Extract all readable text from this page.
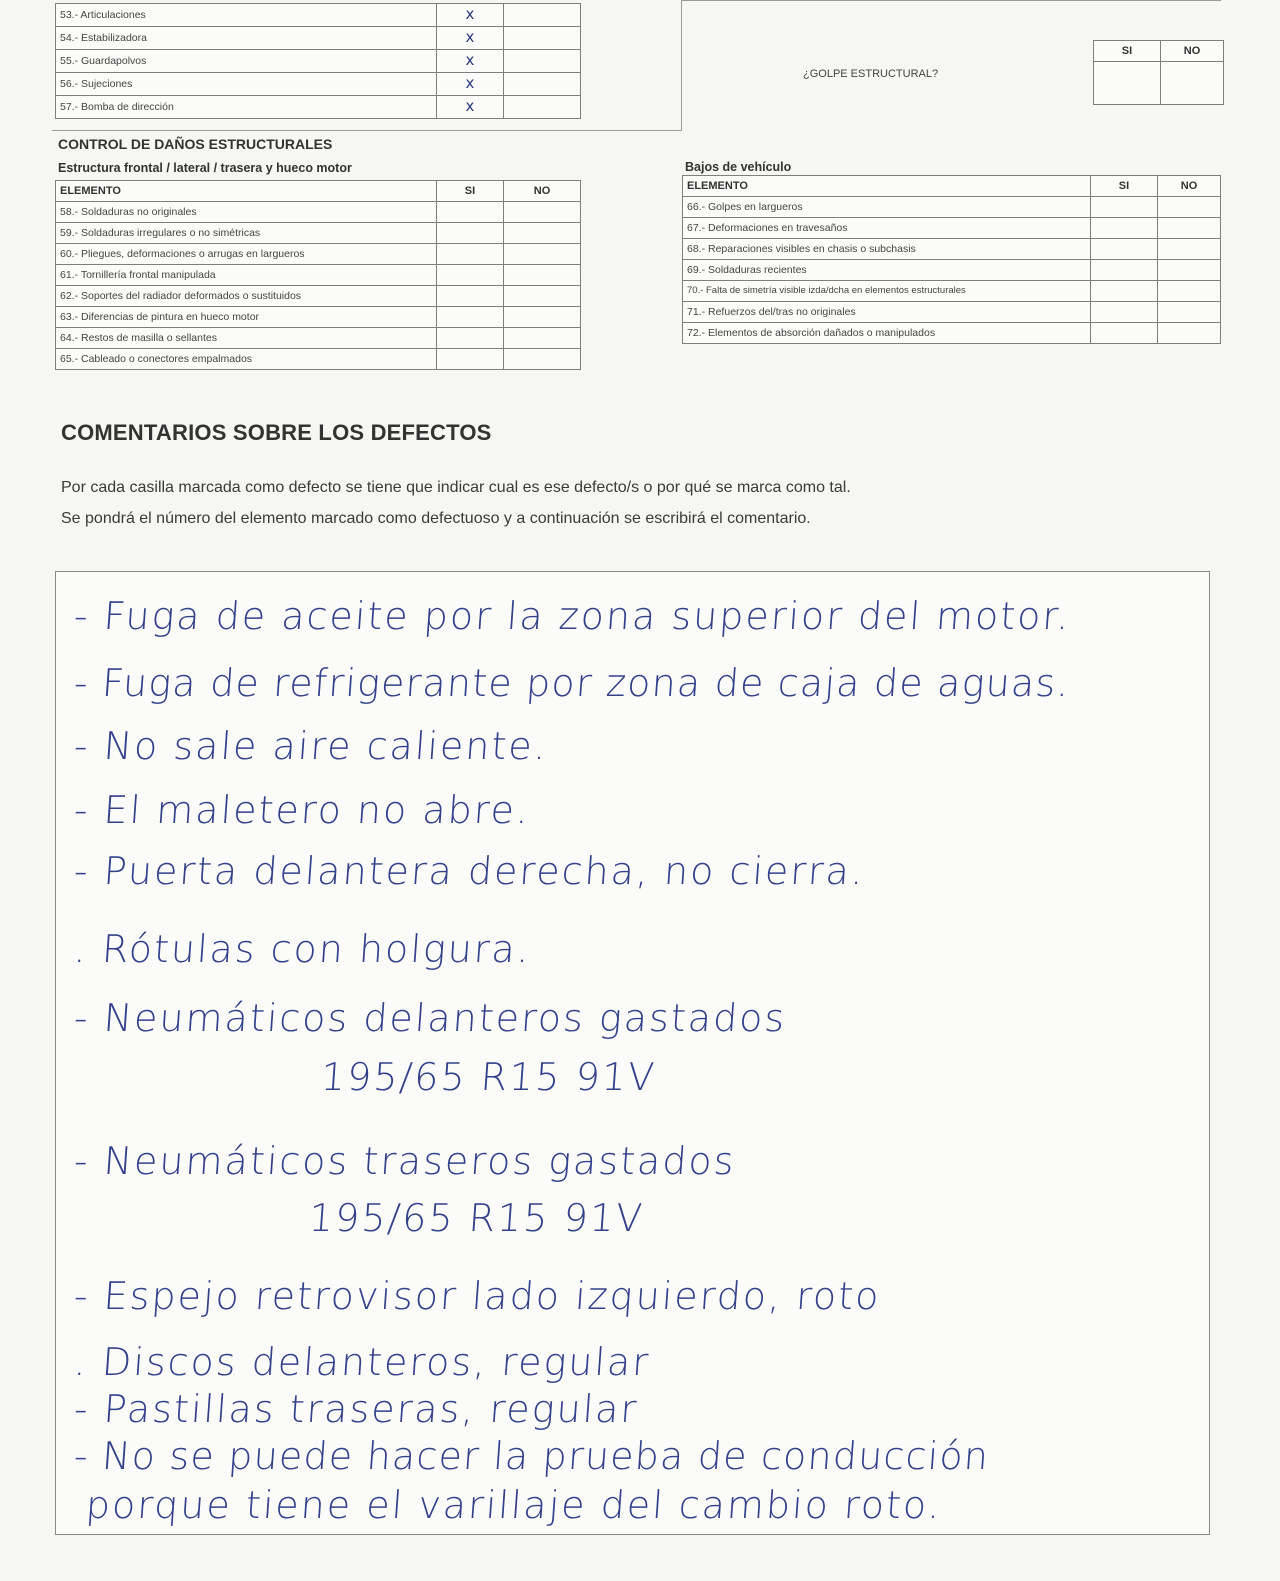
53.- Articulaciones	x	
54.- Estabilizadora	x	
55.- Guardapolvos	x	
56.- Sujeciones	x	
57.- Bomba de dirección	x	
¿GOLPE ESTRUCTURAL?
SI	NO

CONTROL DE DAÑOS ESTRUCTURALES
Estructura frontal / lateral / trasera y hueco motor	Bajos de vehículo
ELEMENTO	SI	NO
58.- Soldaduras no originales		
59.- Soldaduras irregulares o no simétricas		
60.- Pliegues, deformaciones o arrugas en largueros		
61.- Tornillería frontal manipulada		
62.- Soportes del radiador deformados o sustituidos		
63.- Diferencias de pintura en hueco motor		
64.- Restos de masilla o sellantes		
65.- Cableado o conectores empalmados		
ELEMENTO	SI	NO
66.- Golpes en largueros		
67.- Deformaciones en travesaños		
68.- Reparaciones visibles en chasis o subchasis		
69.- Soldaduras recientes		
70.- Falta de simetría visible izda/dcha en elementos estructurales		
71.- Refuerzos del/tras no originales		
72.- Elementos de absorción dañados o manipulados		
COMENTARIOS SOBRE LOS DEFECTOS
Por cada casilla marcada como defecto se tiene que indicar cual es ese defecto/s o por qué se marca como tal.
Se pondrá el número del elemento marcado como defectuoso y a continuación se escribirá el comentario.
- Fuga de aceite por la zona superior del motor.
- Fuga de refrigerante por zona de caja de aguas.
- No sale aire caliente.
- El maletero no abre.
- Puerta delantera derecha, no cierra.
. Rótulas con holgura.
- Neumáticos delanteros gastados
195/65 R15 91V
- Neumáticos traseros gastados
195/65 R15 91V
- Espejo retrovisor lado izquierdo, roto
. Discos delanteros, regular
- Pastillas traseras, regular
- No se puede hacer la prueba de conducción
porque tiene el varillaje del cambio roto.
